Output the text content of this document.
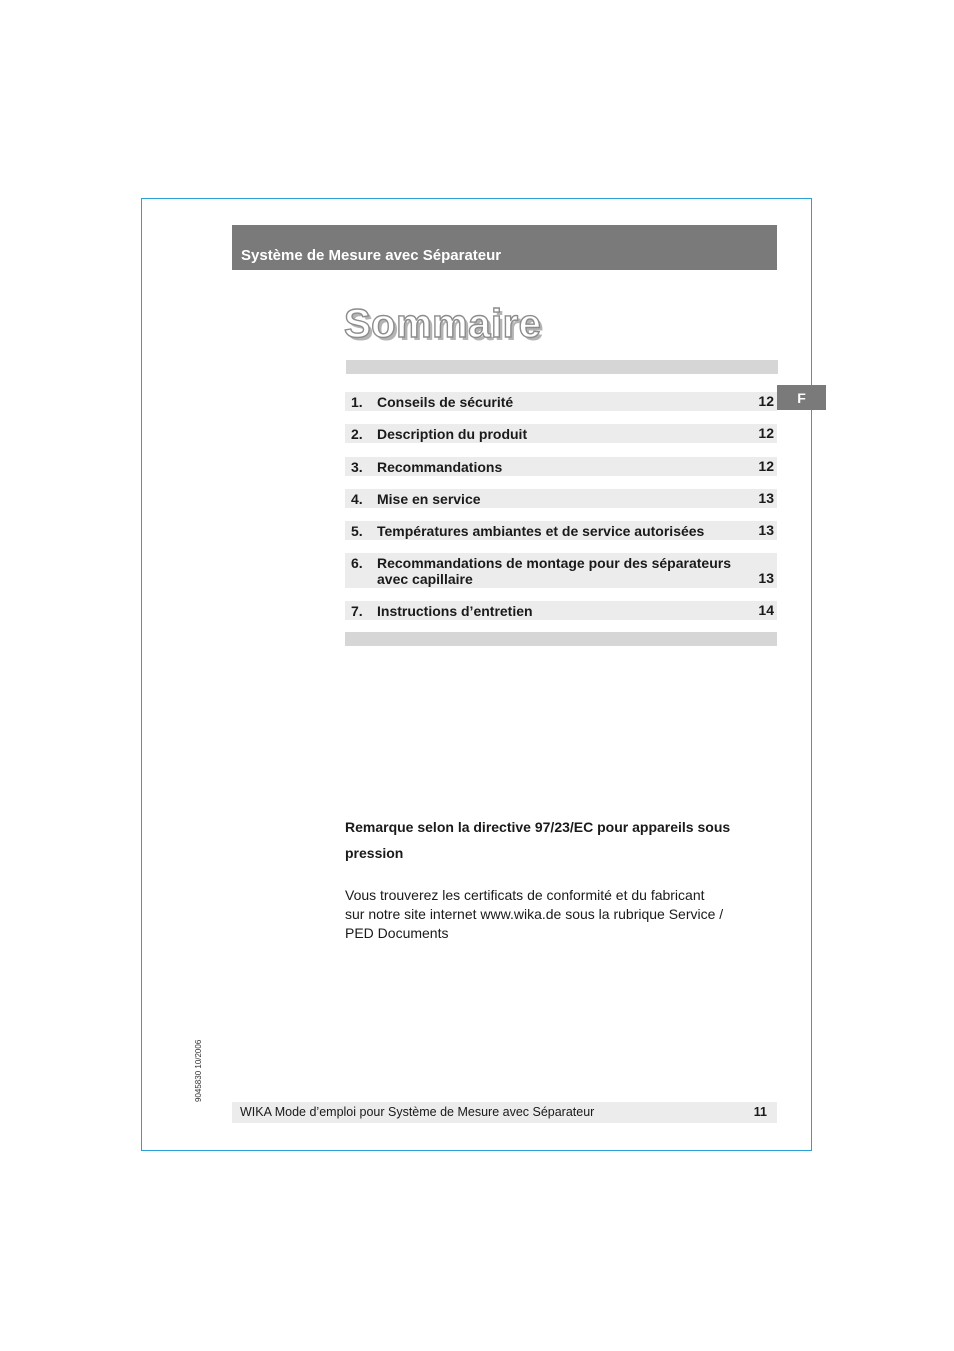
Système de Mesure avec Séparateur
Sommaire
F
1. Conseils de sécurité	12
2. Description du produit	12
3. Recommandations	12
4. Mise en service	13
5. Températures ambiantes et de service autorisées	13
6. Recommandations de montage pour des séparateurs avec capillaire	13
7. Instructions d’entretien	14
Remarque selon la directive 97/23/EC pour appareils sous pression
Vous trouverez les certificats de conformité et du fabricant
sur notre site internet www.wika.de sous la rubrique Service /
PED Documents
9045830 10/2006
WIKA Mode d’emploi pour Système de Mesure avec Séparateur	11
